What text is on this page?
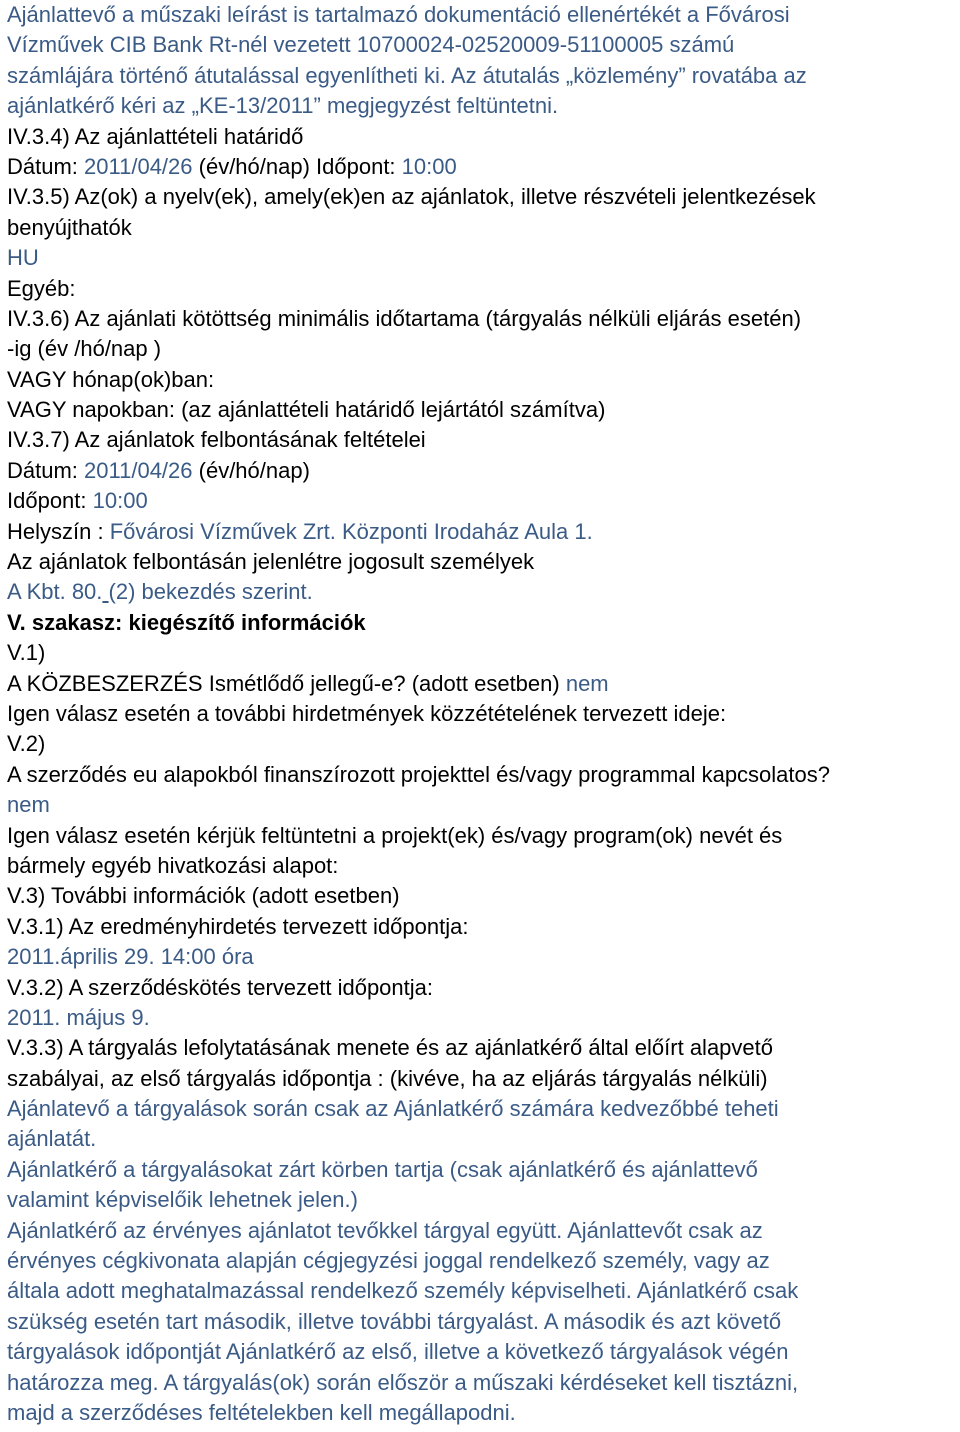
Ajánlattevő a műszaki leírást is tartalmazó dokumentáció ellenértékét a Fővárosi
Vízművek CIB Bank Rt-nél vezetett 10700024-02520009-51100005 számú
számlájára történő átutalással egyenlítheti ki. Az átutalás „közlemény” rovatába az
ajánlatkérő kéri az „KE-13/2011” megjegyzést feltüntetni.
IV.3.4) Az ajánlattételi határidő
Dátum: 2011/04/26 (év/hó/nap) Időpont: 10:00
IV.3.5) Az(ok) a nyelv(ek), amely(ek)en az ajánlatok, illetve részvételi jelentkezések
benyújthatók
HU
Egyéb:
IV.3.6) Az ajánlati kötöttség minimális időtartama (tárgyalás nélküli eljárás esetén)
-ig (év /hó/nap )
VAGY hónap(ok)ban:
VAGY napokban: (az ajánlattételi határidő lejártától számítva)
IV.3.7) Az ajánlatok felbontásának feltételei
Dátum: 2011/04/26 (év/hó/nap)
Időpont: 10:00
Helyszín : Fővárosi Vízművek Zrt. Központi Irodaház Aula 1.
Az ajánlatok felbontásán jelenlétre jogosult személyek
A Kbt. 80. (2) bekezdés szerint.
V. szakasz: kiegészítő információk
V.1)
A KÖZBESZERZÉS Ismétlődő jellegű-e? (adott esetben) nem
Igen válasz esetén a további hirdetmények közzétételének tervezett ideje:
V.2)
A szerződés eu alapokból finanszírozott projekttel és/vagy programmal kapcsolatos?
nem
Igen válasz esetén kérjük feltüntetni a projekt(ek) és/vagy program(ok) nevét és
bármely egyéb hivatkozási alapot:
V.3) További információk (adott esetben)
V.3.1) Az eredményhirdetés tervezett időpontja:
2011.április 29. 14:00 óra
V.3.2) A szerződéskötés tervezett időpontja:
2011. május 9.
V.3.3) A tárgyalás lefolytatásának menete és az ajánlatkérő által előírt alapvető
szabályai, az első tárgyalás időpontja : (kivéve, ha az eljárás tárgyalás nélküli)
Ajánlatevő a tárgyalások során csak az Ajánlatkérő számára kedvezőbbé teheti
ajánlatát.
Ajánlatkérő a tárgyalásokat zárt körben tartja (csak ajánlatkérő és ajánlattevő
valamint képviselőik lehetnek jelen.)
Ajánlatkérő az érvényes ajánlatot tevőkkel tárgyal együtt. Ajánlattevőt csak az
érvényes cégkivonata alapján cégjegyzési joggal rendelkező személy, vagy az
általa adott meghatalmazással rendelkező személy képviselheti. Ajánlatkérő csak
szükség esetén tart második, illetve további tárgyalást. A második és azt követő
tárgyalások időpontját Ajánlatkérő az első, illetve a következő tárgyalások végén
határozza meg. A tárgyalás(ok) során először a műszaki kérdéseket kell tisztázni,
majd a szerződéses feltételekben kell megállapodni.
